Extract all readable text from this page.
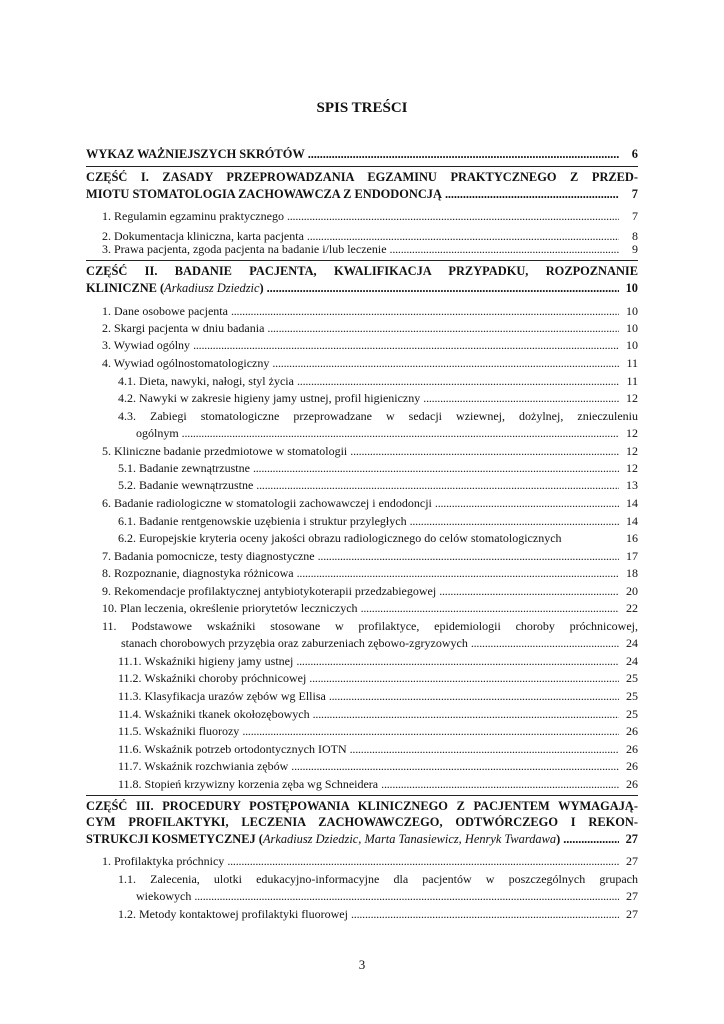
SPIS TREŚCI
WYKAZ WAŻNIEJSZYCH SKRÓTÓW . . .	6
CZĘŚĆ I. ZASADY PRZEPROWADZANIA EGZAMINU PRAKTYCZNEGO Z PRZED-
MIOTU STOMATOLOGIA ZACHOWAWCZA Z ENDODONCJĄ . . .	7
1. Regulamin egzaminu praktycznego . . .	7
2. Dokumentacja kliniczna, karta pacjenta . . .	8
3. Prawa pacjenta, zgoda pacjenta na badanie i/lub leczenie . . .	9
CZĘŚĆ II. BADANIE PACJENTA, KWALIFIKACJA PRZYPADKU, ROZPOZNANIE
KLINICZNE (Arkadiusz Dziedzic) . . .	10
1. Dane osobowe pacjenta . . .	10
2. Skargi pacjenta w dniu badania . . .	10
3. Wywiad ogólny . . .	10
4. Wywiad ogólnostomatologiczny . . .	11
4.1. Dieta, nawyki, nałogi, styl życia . . .	11
4.2. Nawyki w zakresie higieny jamy ustnej, profil higieniczny . . .	12
4.3. Zabiegi stomatologiczne przeprowadzane w sedacji wziewnej, dożylnej, znieczuleniu
ogólnym . . .	12
5. Kliniczne badanie przedmiotowe w stomatologii . . .	12
5.1. Badanie zewnątrzustne . . .	12
5.2. Badanie wewnątrzustne . . .	13
6. Badanie radiologiczne w stomatologii zachowawczej i endodoncji . . .	14
6.1. Badanie rentgenowskie uzębienia i struktur przyległych . . .	14
6.2. Europejskie kryteria oceny jakości obrazu radiologicznego do celów stomatologicznych	16
7. Badania pomocnicze, testy diagnostyczne . . .	17
8. Rozpoznanie, diagnostyka różnicowa . . .	18
9. Rekomendacje profilaktycznej antybiotykoterapii przedzabiegowej . . .	20
10. Plan leczenia, określenie priorytetów leczniczych . . .	22
11. Podstawowe wskaźniki stosowane w profilaktyce, epidemiologii choroby próchnicowej,
stanach chorobowych przyzębia oraz zaburzeniach zębowo-zgryzowych . . .	24
11.1. Wskaźniki higieny jamy ustnej . . .	24
11.2. Wskaźniki choroby próchnicowej . . .	25
11.3. Klasyfikacja urazów zębów wg Ellisa . . .	25
11.4. Wskaźniki tkanek okołozębowych . . .	25
11.5. Wskaźniki fluorozy . . .	26
11.6. Wskaźnik potrzeb ortodontycznych IOTN . . .	26
11.7. Wskaźnik rozchwiania zębów . . .	26
11.8. Stopień krzywizny korzenia zęba wg Schneidera . . .	26
CZĘŚĆ III. PROCEDURY POSTĘPOWANIA KLINICZNEGO Z PACJENTEM WYMAGAJĄ-
CYM PROFILAKTYKI, LECZENIA ZACHOWAWCZEGO, ODTWÓRCZEGO I REKON-
STRUKCJI KOSMETYCZNEJ (Arkadiusz Dziedzic, Marta Tanasiewicz, Henryk Twardawa) . . .	27
1. Profilaktyka próchnicy . . .	27
1.1. Zalecenia, ulotki edukacyjno-informacyjne dla pacjentów w poszczególnych grupach
wiekowych . . .	27
1.2. Metody kontaktowej profilaktyki fluorowej . . .	27
3
